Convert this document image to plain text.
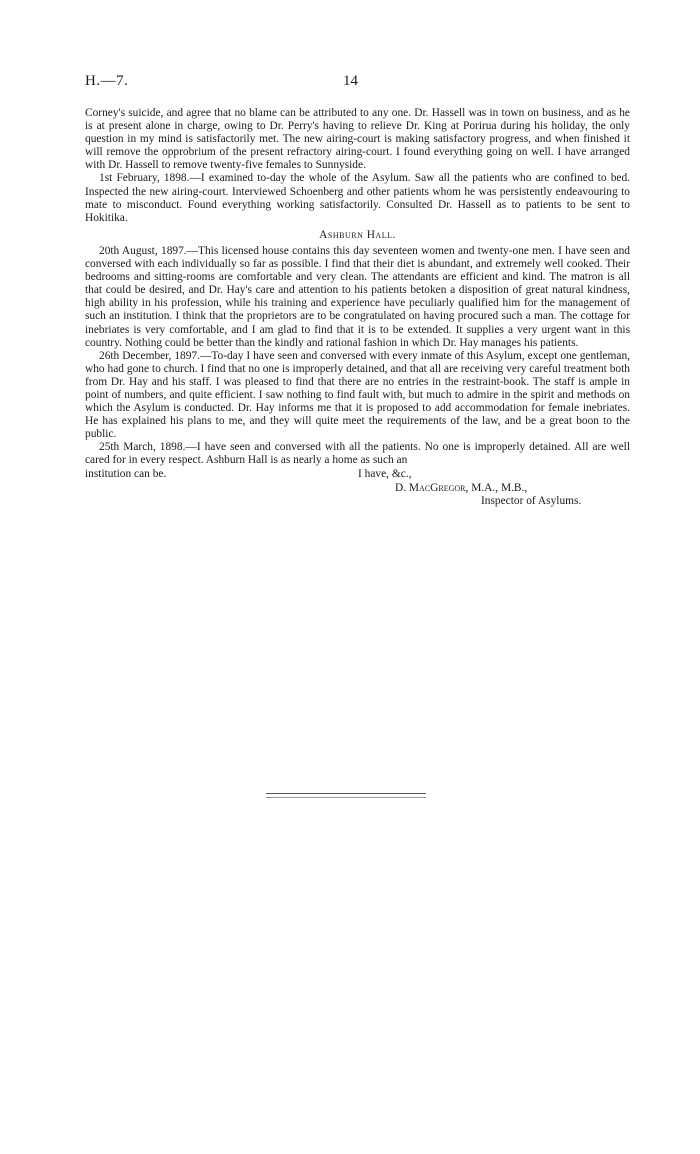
H.—7.	14

Corney's suicide, and agree that no blame can be attributed to any one. Dr. Hassell was in town on business, and as he is at present alone in charge, owing to Dr. Perry's having to relieve Dr. King at Porirua during his holiday, the only question in my mind is satisfactorily met. The new airing-court is making satisfactory progress, and when finished it will remove the opprobrium of the present refractory airing-court. I found everything going on well. I have arranged with Dr. Hassell to remove twenty-five females to Sunnyside.

1st February, 1898.—I examined to-day the whole of the Asylum. Saw all the patients who are confined to bed. Inspected the new airing-court. Interviewed Schoenberg and other patients whom he was persistently endeavouring to mate to misconduct. Found everything working satisfactorily. Consulted Dr. Hassell as to patients to be sent to Hokitika.

Ashburn Hall.

20th August, 1897.—This licensed house contains this day seventeen women and twenty-one men. I have seen and conversed with each individually so far as possible. I find that their diet is abundant, and extremely well cooked. Their bedrooms and sitting-rooms are comfortable and very clean. The attendants are efficient and kind. The matron is all that could be desired, and Dr. Hay's care and attention to his patients betoken a disposition of great natural kindness, high ability in his profession, while his training and experience have peculiarly qualified him for the management of such an institution. I think that the proprietors are to be congratulated on having procured such a man. The cottage for inebriates is very comfortable, and I am glad to find that it is to be extended. It supplies a very urgent want in this country. Nothing could be better than the kindly and rational fashion in which Dr. Hay manages his patients.

26th December, 1897.—To-day I have seen and conversed with every inmate of this Asylum, except one gentleman, who had gone to church. I find that no one is improperly detained, and that all are receiving very careful treatment both from Dr. Hay and his staff. I was pleased to find that there are no entries in the restraint-book. The staff is ample in point of numbers, and quite efficient. I saw nothing to find fault with, but much to admire in the spirit and methods on which the Asylum is conducted. Dr. Hay informs me that it is proposed to add accommodation for female inebriates. He has explained his plans to me, and they will quite meet the requirements of the law, and be a great boon to the public.

25th March, 1898.—I have seen and conversed with all the patients. No one is improperly detained. All are well cared for in every respect. Ashburn Hall is as nearly a home as such an

institution can be.	I have, &c.,
D. MacGregor, M.A., M.B.,
Inspector of Asylums.
